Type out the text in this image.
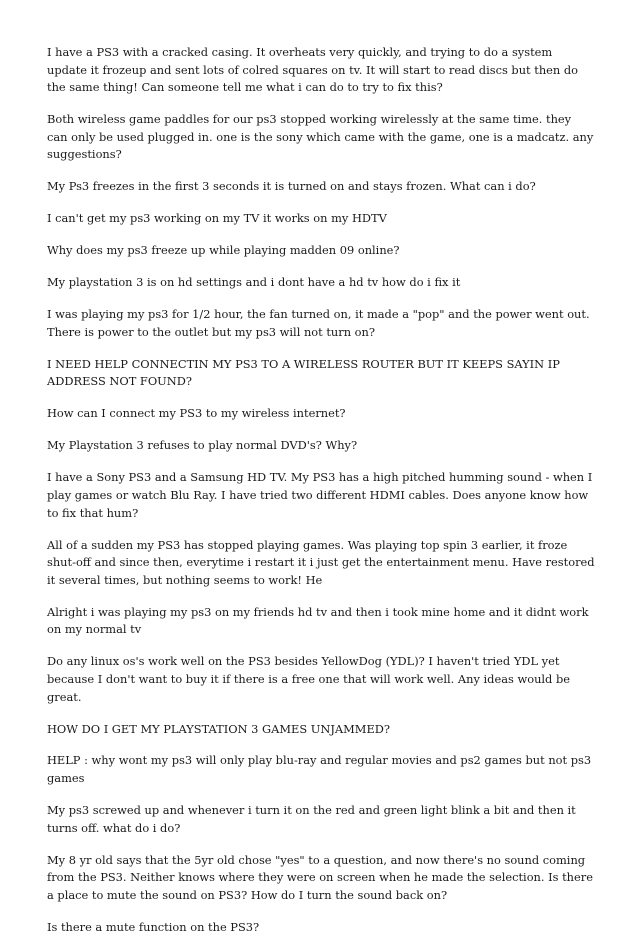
I have a PS3 with a cracked casing. It overheats very quickly, and trying to do a system update it frozeup and sent lots of colred squares on tv. It will start to read discs but then do the same thing! Can someone tell me what i can do to try to fix this?

Both wireless game paddles for our ps3 stopped working wirelessly at the same time. they can only be used plugged in. one is the sony which came with the game, one is a madcatz. any suggestions?

My Ps3 freezes in the first 3 seconds it is turned on and stays frozen. What can i do?

I can't get my ps3 working on my TV it works on my HDTV

Why does my ps3 freeze up while playing madden 09 online?

My playstation 3 is on hd settings and i dont have a hd tv how do i fix it

I was playing my ps3 for 1/2 hour, the fan turned on, it made a "pop" and the power went out. There is power to the outlet but my ps3 will not turn on?

I NEED HELP CONNECTIN MY PS3 TO A WIRELESS ROUTER BUT IT KEEPS SAYIN IP ADDRESS NOT FOUND?

How can I connect my PS3 to my wireless internet?

My Playstation 3 refuses to play normal DVD's? Why?

I have a Sony PS3 and a Samsung HD TV. My PS3 has a high pitched humming sound - when I play games or watch Blu Ray. I have tried two different HDMI cables. Does anyone know how to fix that hum?

All of a sudden my PS3 has stopped playing games. Was playing top spin 3 earlier, it froze shut-off and since then, everytime i restart it i just get the entertainment menu. Have restored it several times, but nothing seems to work! He

Alright i was playing my ps3 on my friends hd tv and then i took mine home and it didnt work on my normal tv

Do any linux os's work well on the PS3 besides YellowDog (YDL)? I haven't tried YDL yet because I don't want to buy it if there is a free one that will work well. Any ideas would be great.

HOW DO I GET MY PLAYSTATION 3 GAMES UNJAMMED?

HELP : why wont my ps3 will only play blu-ray and regular movies and ps2 games but not ps3 games

My ps3 screwed up and whenever i turn it on the red and green light blink a bit and then it turns off. what do i do?

My 8 yr old says that the 5yr old chose "yes" to a question, and now there's no sound coming from the PS3. Neither knows where they were on screen when he made the selection. Is there a place to mute the sound on PS3? How do I turn the sound back on?

Is there a mute function on the PS3?
